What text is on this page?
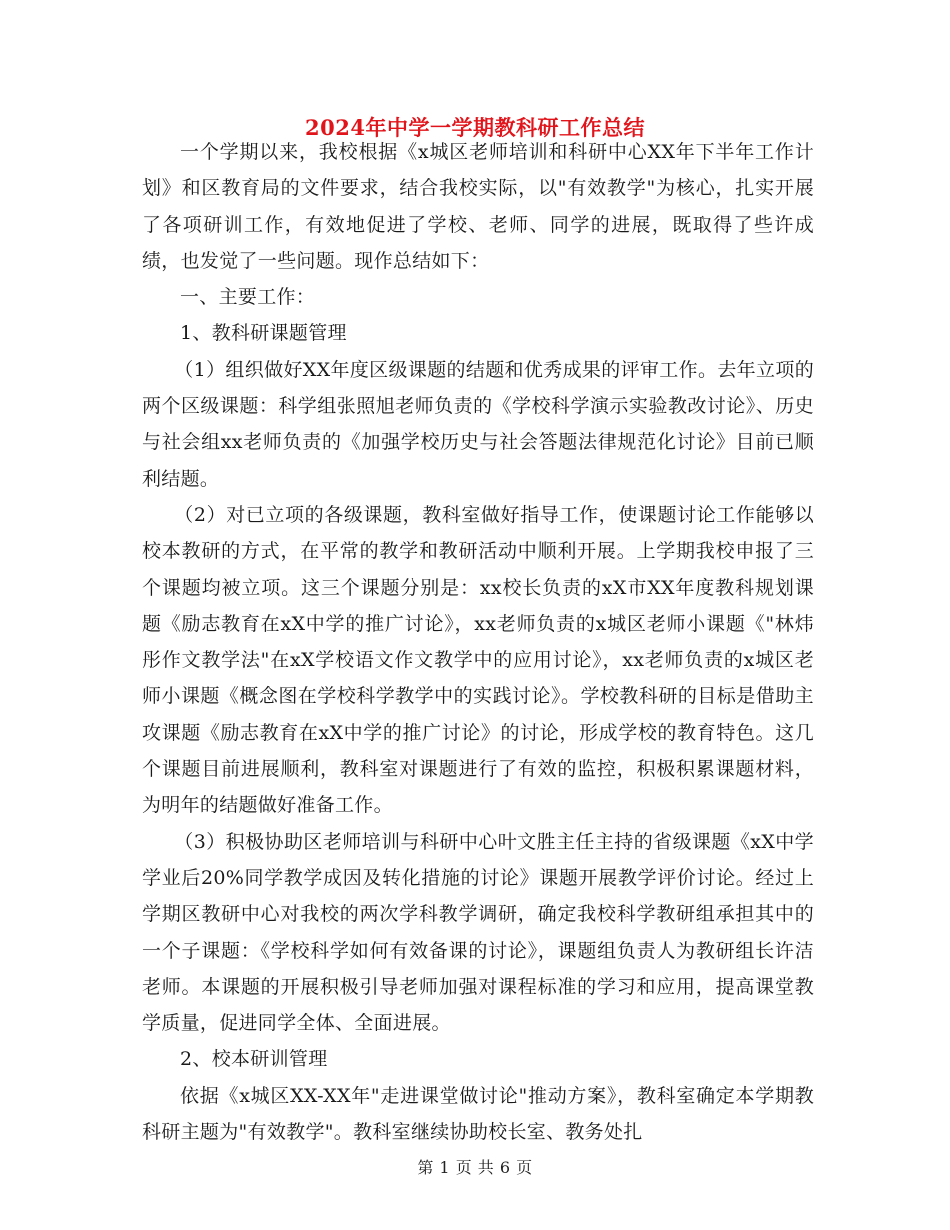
2024年中学一学期教科研工作总结

一个学期以来，我校根据《x城区老师培训和科研中心XX年下半年工作计划》和区教育局的文件要求，结合我校实际，以"有效教学"为核心，扎实开展了各项研训工作，有效地促进了学校、老师、同学的进展，既取得了些许成绩，也发觉了一些问题。现作总结如下：

一、主要工作：

1、教科研课题管理

（1）组织做好XX年度区级课题的结题和优秀成果的评审工作。去年立项的两个区级课题：科学组张照旭老师负责的《学校科学演示实验教改讨论》、历史与社会组xx老师负责的《加强学校历史与社会答题法律规范化讨论》目前已顺利结题。

（2）对已立项的各级课题，教科室做好指导工作，使课题讨论工作能够以校本教研的方式，在平常的教学和教研活动中顺利开展。上学期我校申报了三个课题均被立项。这三个课题分别是：xx校长负责的xX市XX年度教科规划课题《励志教育在xX中学的推广讨论》，xx老师负责的x城区老师小课题《"林炜彤作文教学法"在xX学校语文作文教学中的应用讨论》，xx老师负责的x城区老师小课题《概念图在学校科学教学中的实践讨论》。学校教科研的目标是借助主攻课题《励志教育在xX中学的推广讨论》的讨论，形成学校的教育特色。这几个课题目前进展顺利，教科室对课题进行了有效的监控，积极积累课题材料，为明年的结题做好准备工作。

（3）积极协助区老师培训与科研中心叶文胜主任主持的省级课题《xX中学学业后20%同学教学成因及转化措施的讨论》课题开展教学评价讨论。经过上学期区教研中心对我校的两次学科教学调研，确定我校科学教研组承担其中的一个子课题：《学校科学如何有效备课的讨论》，课题组负责人为教研组长许洁老师。本课题的开展积极引导老师加强对课程标准的学习和应用，提高课堂教学质量，促进同学全体、全面进展。

2、校本研训管理

依据《x城区XX-XX年"走进课堂做讨论"推动方案》，教科室确定本学期教科研主题为"有效教学"。教科室继续协助校长室、教务处扎

第 1 页 共 6 页
